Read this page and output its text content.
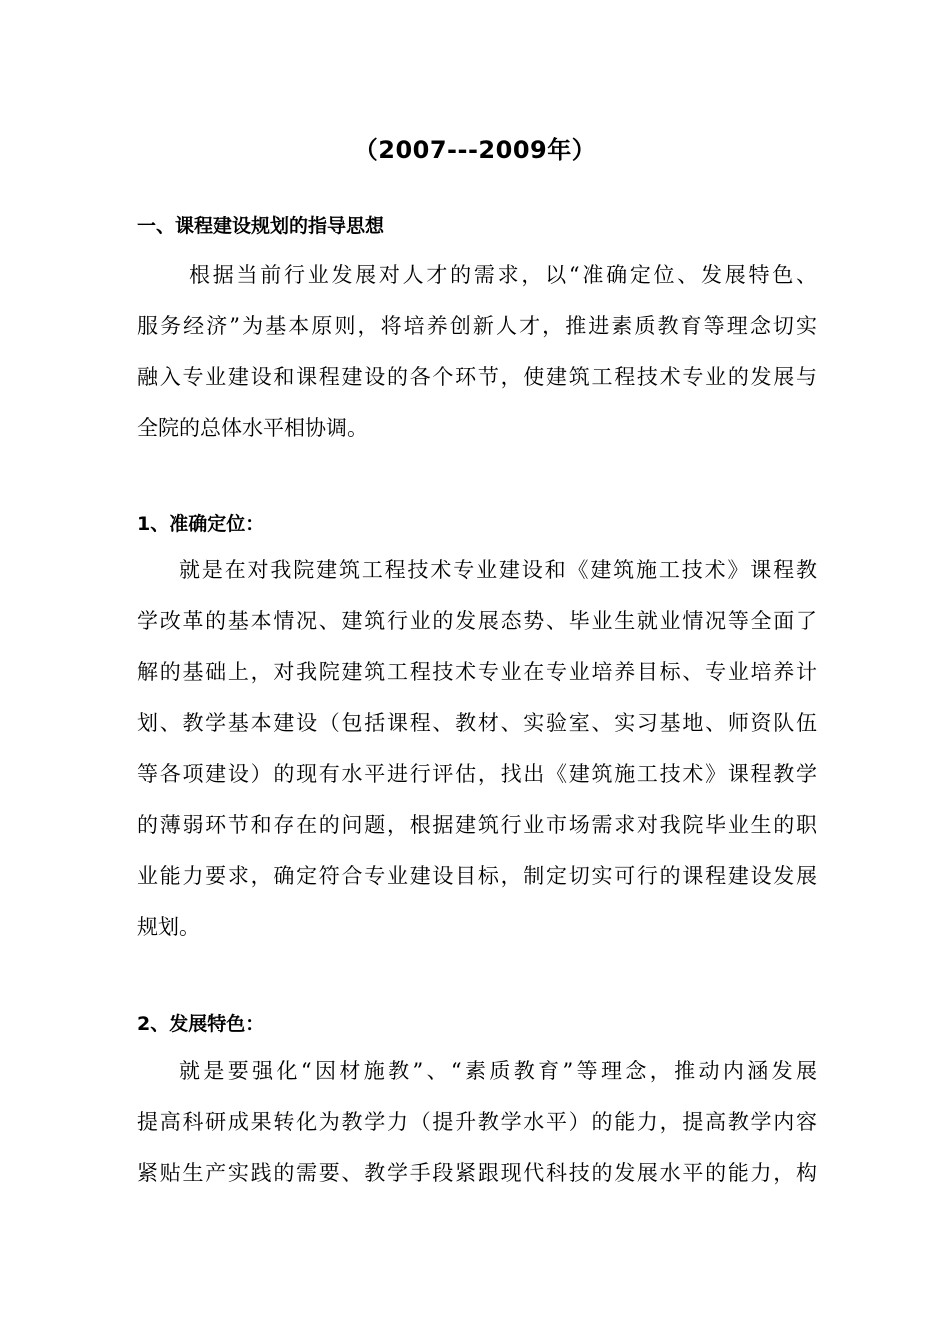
（2007---2009年）
一、课程建设规划的指导思想
根据当前行业发展对人才的需求，以“准确定位、发展特色、
服务经济”为基本原则，将培养创新人才，推进素质教育等理念切实
融入专业建设和课程建设的各个环节，使建筑工程技术专业的发展与
全院的总体水平相协调。
1、准确定位：
就是在对我院建筑工程技术专业建设和《建筑施工技术》课程教
学改革的基本情况、建筑行业的发展态势、毕业生就业情况等全面了
解的基础上，对我院建筑工程技术专业在专业培养目标、专业培养计
划、教学基本建设（包括课程、教材、实验室、实习基地、师资队伍
等各项建设）的现有水平进行评估，找出《建筑施工技术》课程教学
的薄弱环节和存在的问题，根据建筑行业市场需求对我院毕业生的职
业能力要求，确定符合专业建设目标，制定切实可行的课程建设发展
规划。
2、发展特色：
就是要强化“因材施教”、“素质教育”等理念，推动内涵发展
提高科研成果转化为教学力（提升教学水平）的能力，提高教学内容
紧贴生产实践的需要、教学手段紧跟现代科技的发展水平的能力，构
